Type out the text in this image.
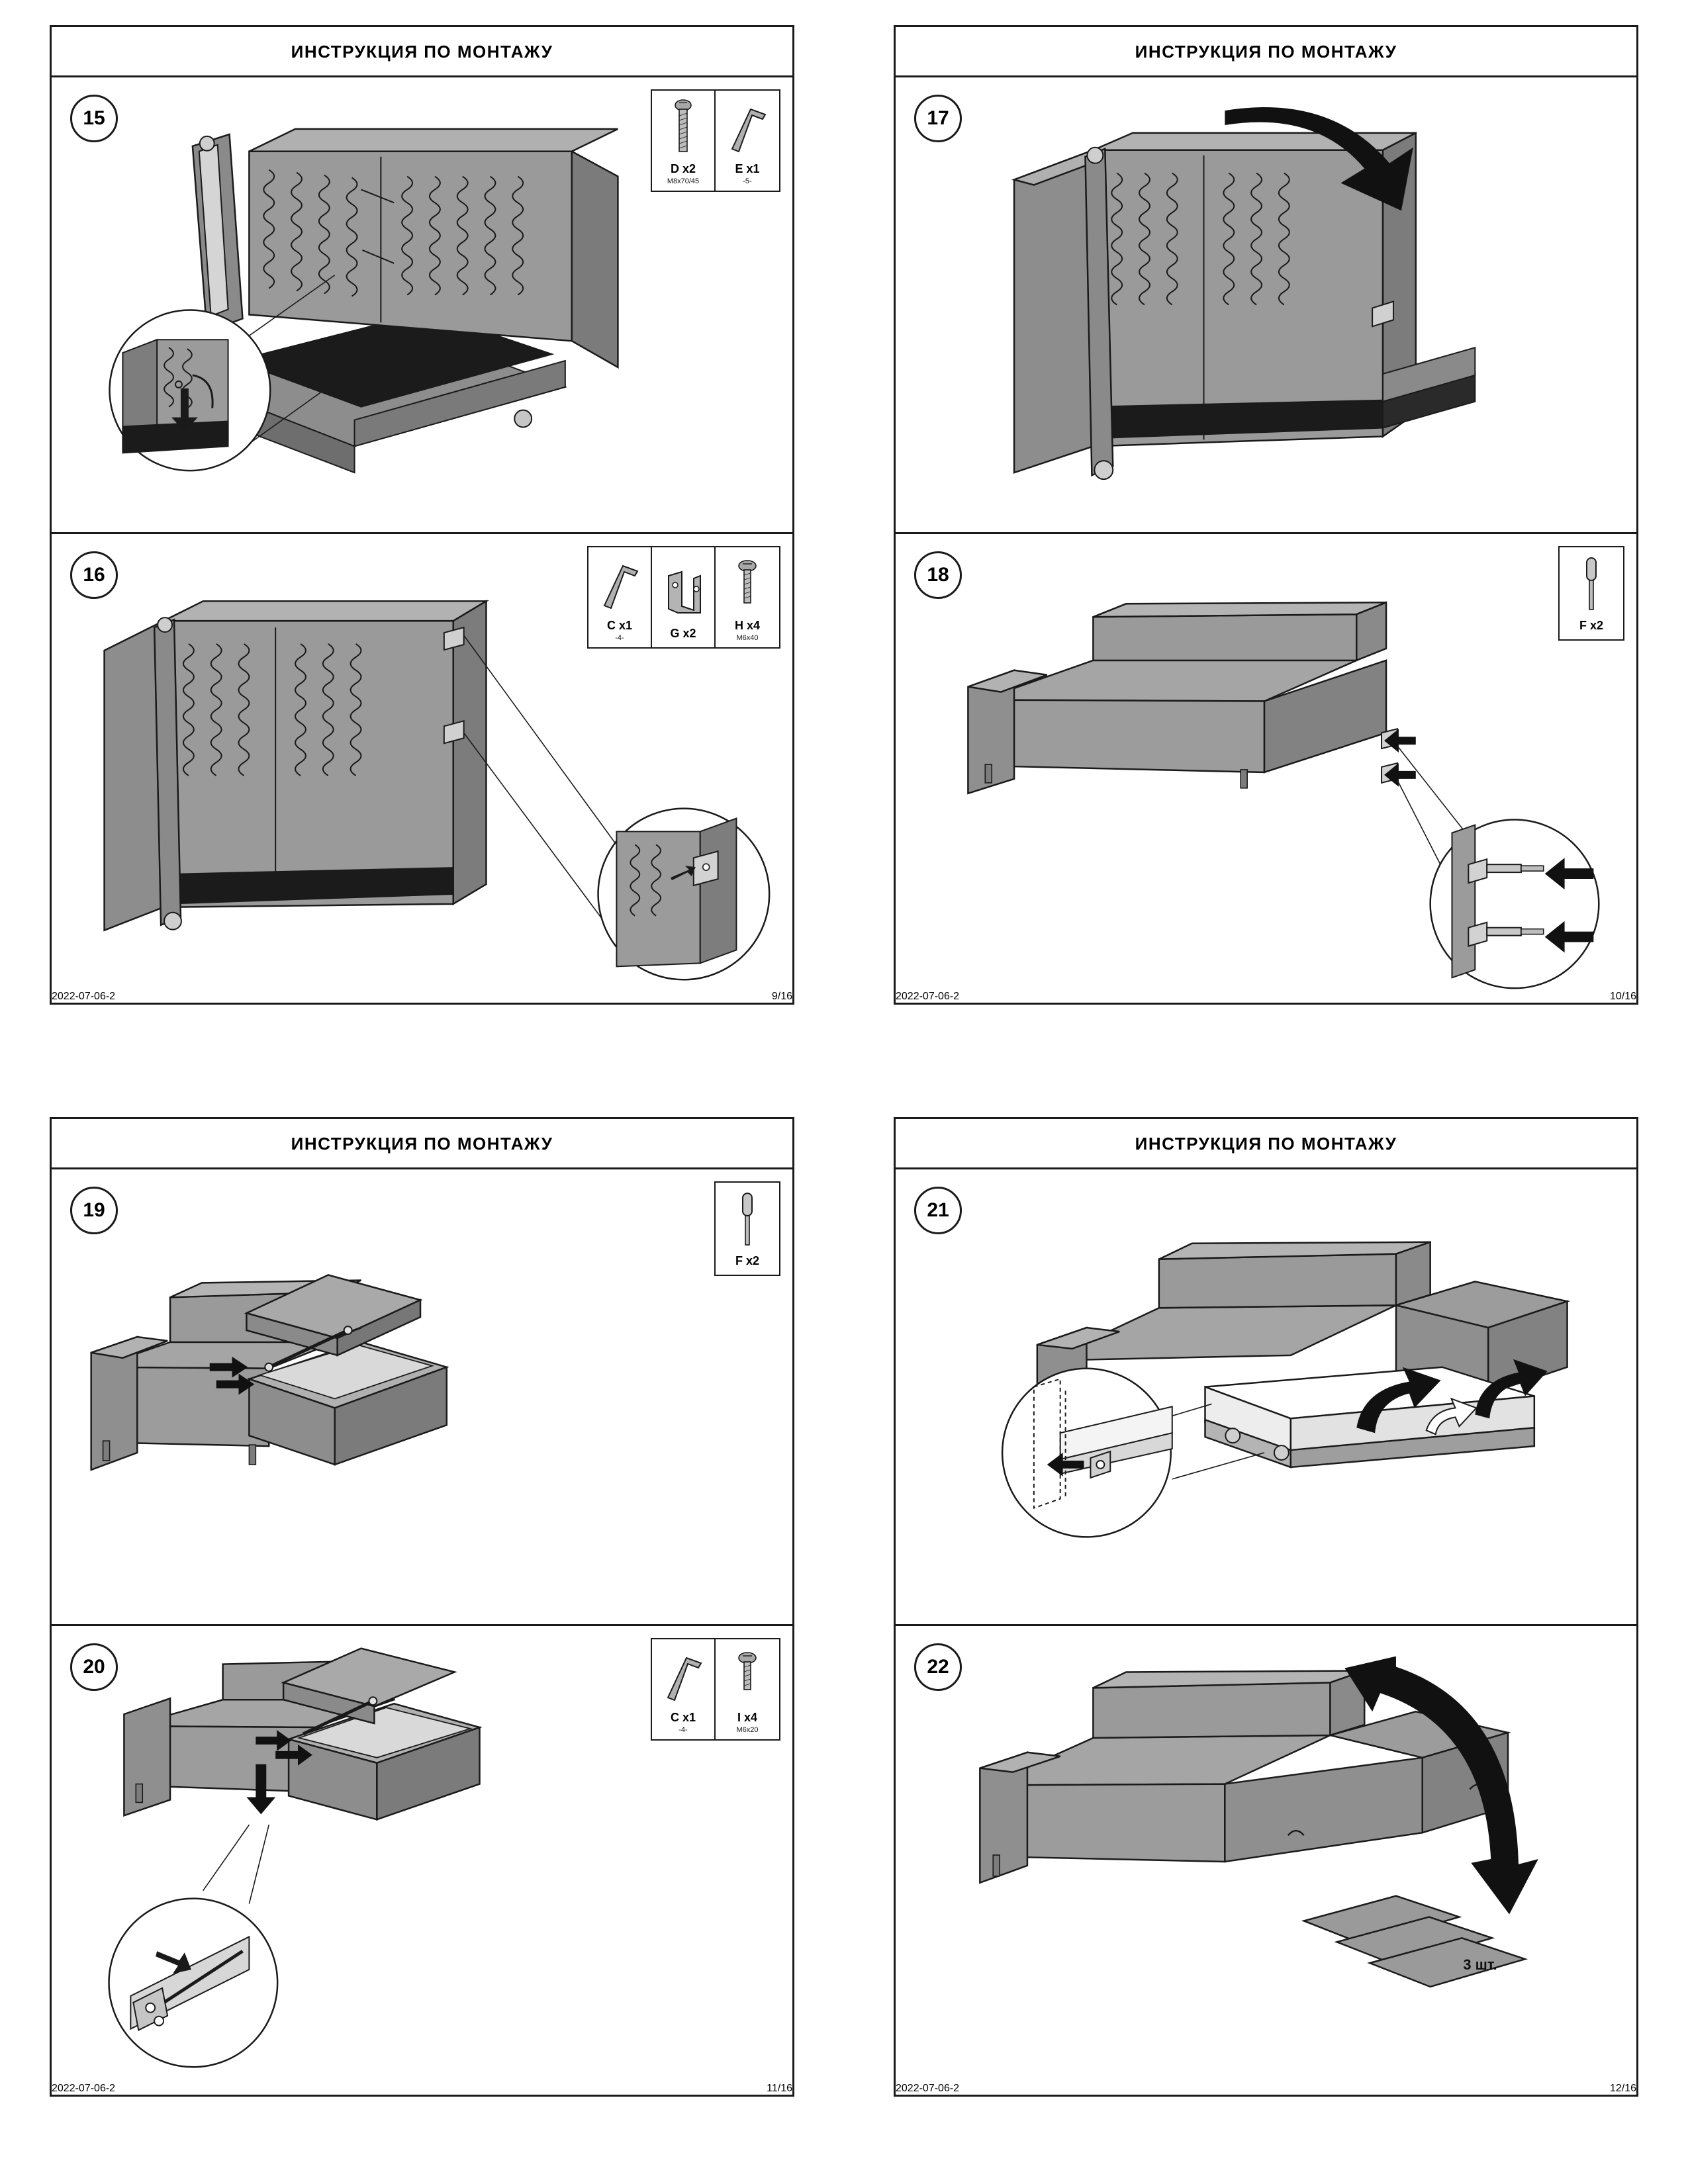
ИНСТРУКЦИЯ ПО МОНТАЖУ
15
D x2
M8x70/45
E x1
-5-
16
C x1
-4-	G x2
H x4
M6x40
2022-07-06-2	9/16
ИНСТРУКЦИЯ ПО МОНТАЖУ
17
18
F x2
2022-07-06-2	10/16
ИНСТРУКЦИЯ ПО МОНТАЖУ
19
F x2
20
C x1
-4-
I x4
M6x20
2022-07-06-2	11/16
ИНСТРУКЦИЯ ПО МОНТАЖУ
21
22
3 шт.
2022-07-06-2	12/16
